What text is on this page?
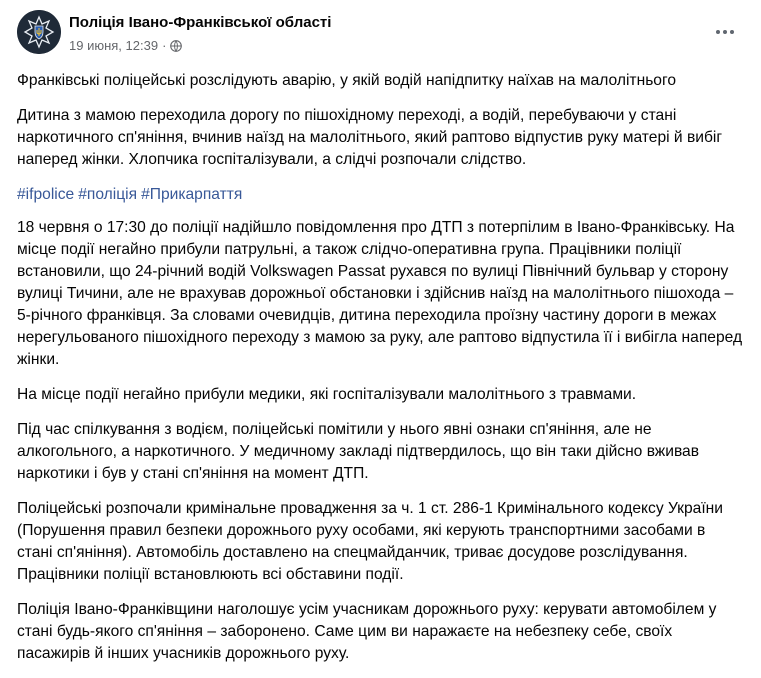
Поліція Івано-Франківської області
19 июня, 12:39 ·

Франківські поліцейські розслідують аварію, у якій водій напідпитку наїхав на малолітнього

Дитина з мамою переходила дорогу по пішохідному переході, а водій, перебуваючи у стані наркотичного сп'яніння, вчинив наїзд на малолітнього, який раптово відпустив руку матері й вибіг наперед жінки. Хлопчика госпіталізували, а слідчі розпочали слідство.

#ifpolice #поліція #Прикарпаття

18 червня о 17:30 до поліції надійшло повідомлення про ДТП з потерпілим в Івано-Франківську. На місце події негайно прибули патрульні, а також слідчо-оперативна група. Працівники поліції встановили, що 24-річний водій Volkswagen Passat рухався по вулиці Північний бульвар у сторону вулиці Тичини, але не врахував дорожньої обстановки і здійснив наїзд на малолітнього пішохода – 5-річного франківця. За словами очевидців, дитина переходила проїзну частину дороги в межах нерегульованого пішохідного переходу з мамою за руку, але раптово відпустила її і вибігла наперед жінки.

На місце події негайно прибули медики, які госпіталізували малолітнього з травмами.

Під час спілкування з водієм, поліцейські помітили у нього явні ознаки сп'яніння, але не алкогольного, а наркотичного. У медичному закладі підтвердилось, що він таки дійсно вживав наркотики і був у стані сп'яніння на момент ДТП.

Поліцейські розпочали кримінальне провадження за ч. 1 ст. 286-1 Кримінального кодексу України (Порушення правил безпеки дорожнього руху особами, які керують транспортними засобами в стані сп'яніння). Автомобіль доставлено на спецмайданчик, триває досудове розслідування. Працівники поліції встановлюють всі обставини події.

Поліція Івано-Франківщини наголошує усім учасникам дорожнього руху: керувати автомобілем у стані будь-якого сп'яніння – заборонено. Саме цим ви наражаєте на небезпеку себе, своїх пасажирів й інших учасників дорожнього руху.
